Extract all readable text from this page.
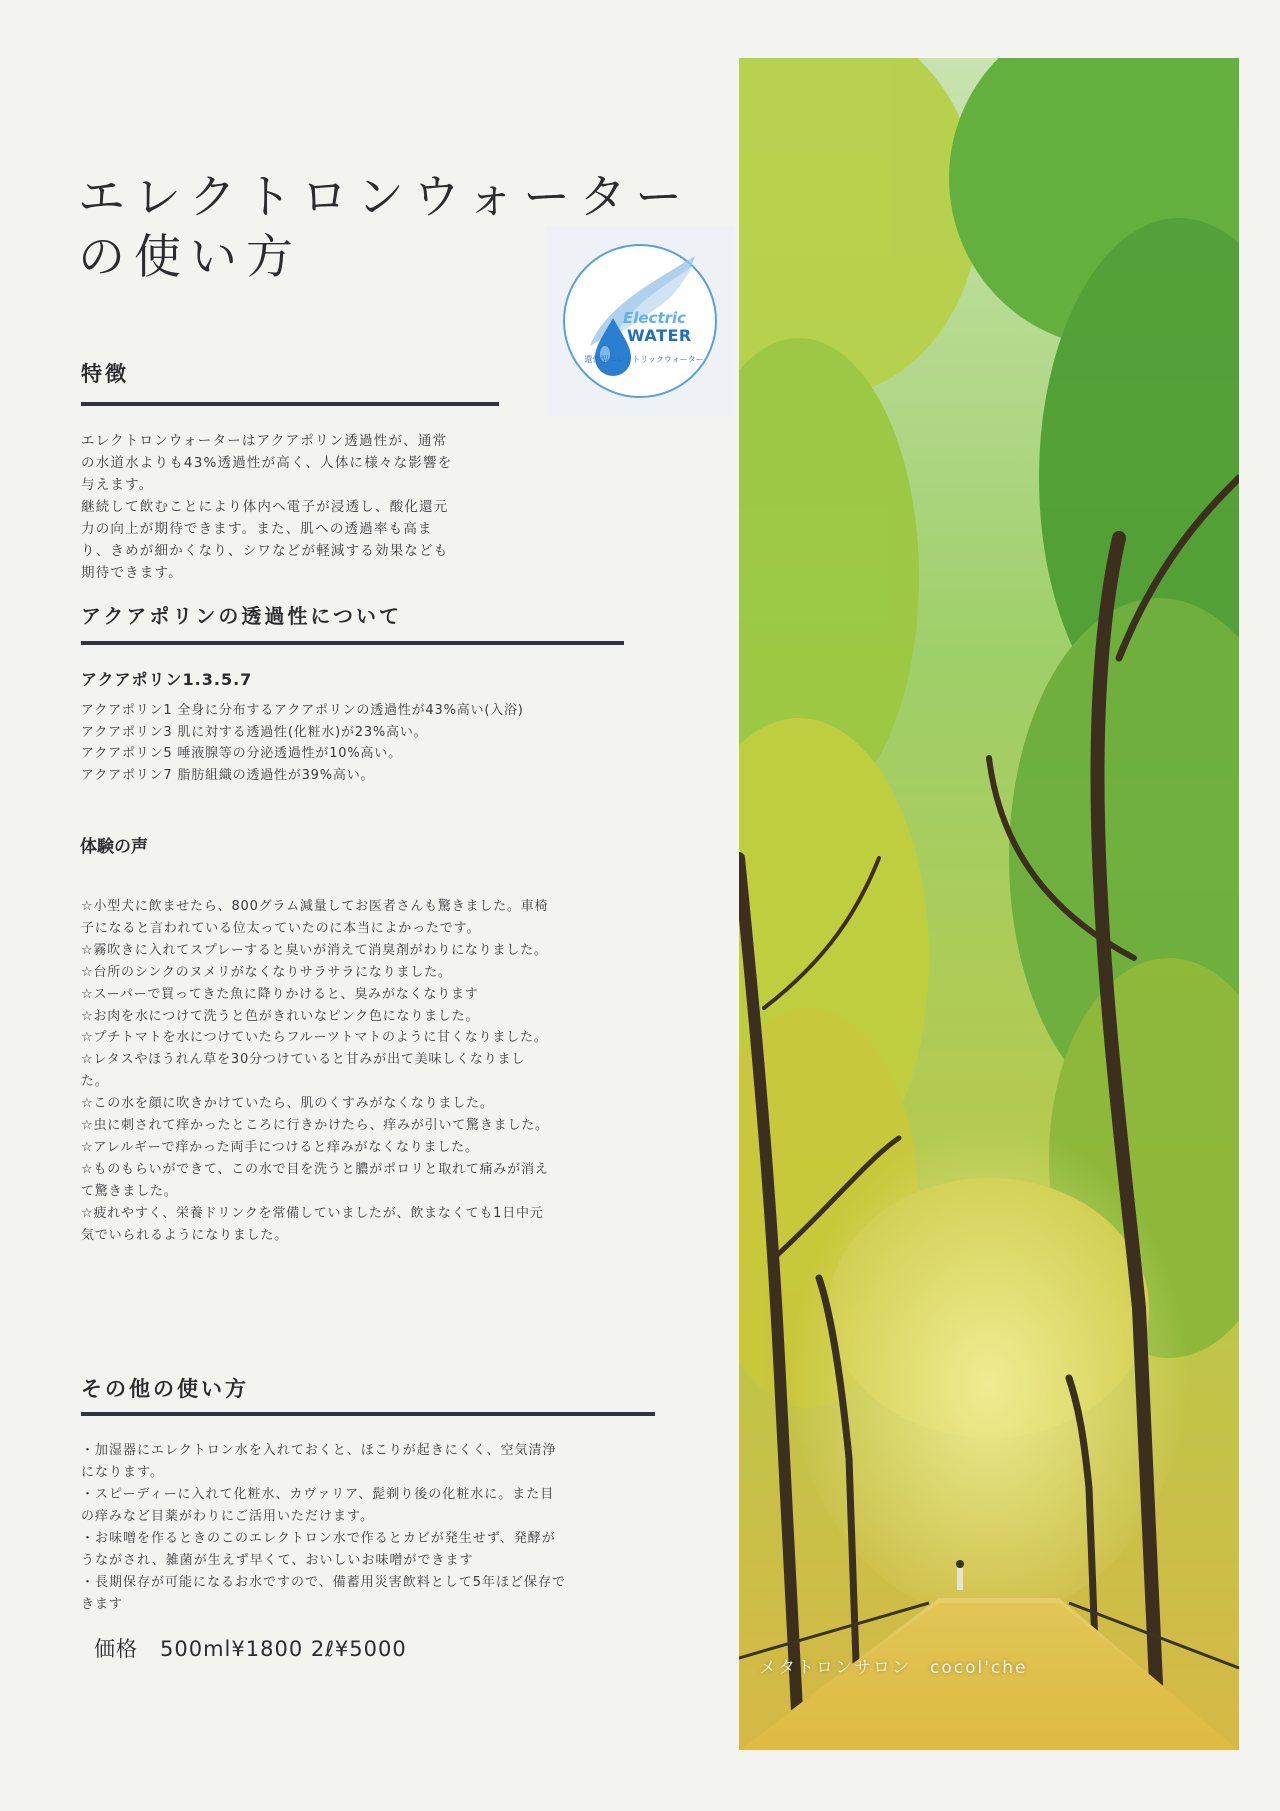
エレクトロンウォーター
の使い方
Electric
WATER
還性型エレクトリックウォーター
特徴
エレクトロンウォーターはアクアポリン透過性が、通常
の水道水よりも43%透過性が高く、人体に様々な影響を
与えます。
継続して飲むことにより体内へ電子が浸透し、酸化還元
力の向上が期待できます。また、肌への透過率も高ま
り、きめが細かくなり、シワなどが軽減する効果なども
期待できます。
アクアポリンの透過性について
アクアポリン1.3.5.7
アクアポリン1 全身に分布するアクアポリンの透過性が43%高い(入浴)
アクアポリン3 肌に対する透過性(化粧水)が23%高い。
アクアポリン5 唾液腺等の分泌透過性が10%高い。
アクアポリン7 脂肪組織の透過性が39%高い。
体験の声
☆小型犬に飲ませたら、800グラム減量してお医者さんも驚きました。車椅
子になると言われている位太っていたのに本当によかったです。
☆霧吹きに入れてスプレーすると臭いが消えて消臭剤がわりになりました。
☆台所のシンクのヌメリがなくなりサラサラになりました。
☆スーパーで買ってきた魚に降りかけると、臭みがなくなります
☆お肉を水につけて洗うと色がきれいなピンク色になりました。
☆プチトマトを水につけていたらフルーツトマトのように甘くなりました。
☆レタスやほうれん草を30分つけていると甘みが出て美味しくなりまし
た。
☆この水を顔に吹きかけていたら、肌のくすみがなくなりました。
☆虫に刺されて痒かったところに行きかけたら、痒みが引いて驚きました。
☆アレルギーで痒かった両手につけると痒みがなくなりました。
☆ものもらいができて、この水で目を洗うと膿がポロリと取れて痛みが消え
て驚きました。
☆疲れやすく、栄養ドリンクを常備していましたが、飲まなくても1日中元
気でいられるようになりました。
その他の使い方
・加湿器にエレクトロン水を入れておくと、ほこりが起きにくく、空気清浄
になります。
・スピーディーに入れて化粧水、カヴァリア、髭剃り後の化粧水に。また目
の痒みなど目薬がわりにご活用いただけます。
・お味噌を作るときのこのエレクトロン水で作るとカビが発生せず、発酵が
うながされ、雑菌が生えず早くて、おいしいお味噌ができます
・長期保存が可能になるお水ですので、備蓄用災害飲料として5年ほど保存で
きます
価格　500ml¥1800 2ℓ¥5000
メタトロンサロン　cocol'che
